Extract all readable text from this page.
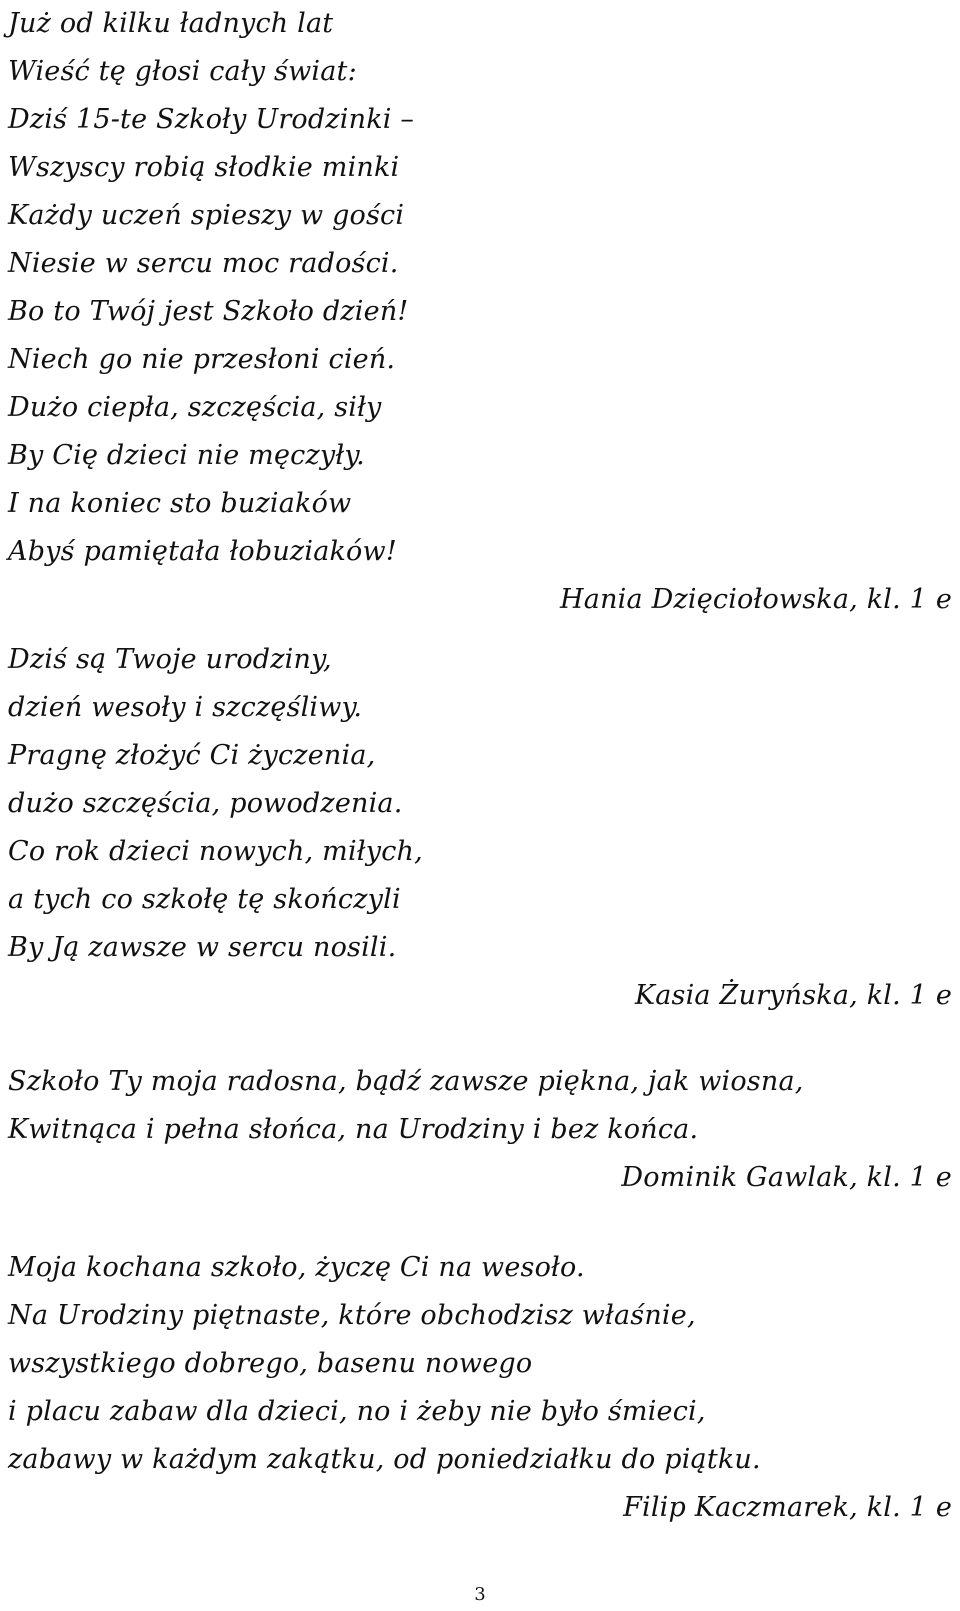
Już od kilku ładnych lat
Wieść tę głosi cały świat:
Dziś 15-te Szkoły Urodzinki –
Wszyscy robią słodkie minki
Każdy uczeń spieszy w gości
Niesie w sercu moc radości.
Bo to Twój jest Szkoło dzień!
Niech go nie przesłoni cień.
Dużo ciepła, szczęścia, siły
By Cię dzieci nie męczyły.
I na koniec sto buziaków
Abyś pamiętała łobuziaków!
Hania Dzięciołowska, kl. 1 e
Dziś są Twoje urodziny,
dzień wesoły i szczęśliwy.
Pragnę złożyć Ci życzenia,
dużo szczęścia, powodzenia.
Co rok dzieci nowych, miłych,
a tych co szkołę tę skończyli
By Ją zawsze w sercu nosili.
Kasia Żuryńska, kl. 1 e
Szkoło Ty moja radosna, bądź zawsze piękna, jak wiosna,
Kwitnąca i pełna słońca, na Urodziny i bez końca.
Dominik Gawlak, kl. 1 e
Moja kochana szkoło, życzę Ci na wesoło.
Na Urodziny piętnaste, które obchodzisz właśnie,
wszystkiego dobrego, basenu nowego
i placu zabaw dla dzieci, no i żeby nie było śmieci,
zabawy w każdym zakątku, od poniedziałku do piątku.
Filip Kaczmarek, kl. 1 e
3
